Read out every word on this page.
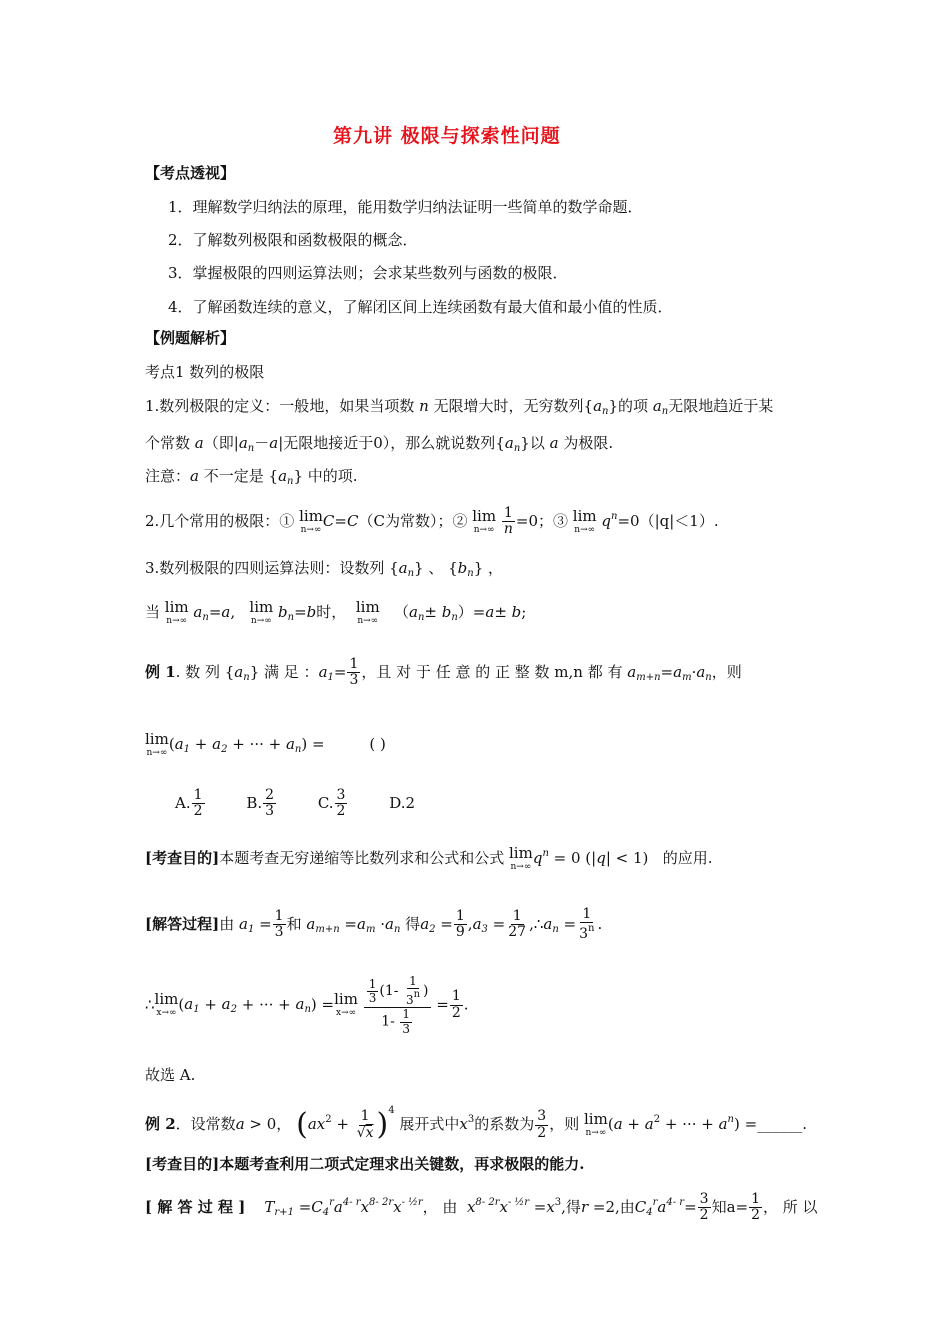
第九讲 极限与探索性问题
【考点透视】
1．理解数学归纳法的原理，能用数学归纳法证明一些简单的数学命题．
2．了解数列极限和函数极限的概念．
3．掌握极限的四则运算法则；会求某些数列与函数的极限．
4．了解函数连续的意义，了解闭区间上连续函数有最大值和最小值的性质．
【例题解析】
考点1 数列的极限
1.数列极限的定义：一般地，如果当项数 n 无限增大时，无穷数列$\{a_n\}$的项 $a_n$无限地趋近于某
个常数 a（即$|a_n-a|$无限地接近于0），那么就说数列$\{a_n\}$以 a 为极限.
注意：a 不一定是 $\{a_n\}$ 中的项.
2.几个常用的极限：① lim
n→∞ C=C（C为常数）；② lim
n→∞
$\frac{1}{n} =0$；③ lim
n→∞ $q^n=0(|q|<1)$.
3.数列极限的四则运算法则：设数列 $\{a_n\}$ 、 $\{b_n\}$ ，
当 lim
n→∞ $a_n=a$, lim
n→∞ $b_n=b$时， lim
n→∞ $(a_n\pm b_n)=a\pm b$;
例 1. 数 列 $\{a_n\}$ 满 足 ：$a_1= \frac{1}{3}$ ，且 对 于 任 意 的 正 整 数 m,n 都 有 $a_{m+n}=a_m\cdot a_n$，则
lim
n→∞ ($a_1 + a_2$ + ··· + $a_n$) =	( )
A. $\frac{1}{2}$	B. $\frac{2}{3}$	C. $\frac{3}{2}$	D.2
[考查目的]本题考查无穷递缩等比数列求和公式和公式 lim
n→∞ $q^n = 0$ (|q| < 1)   的应用.
[解答过程]由 $a_1 = \frac{1}{3}$ 和 $a_{m+n} =a_m \cdot a_n$ 得$a_2 = \frac{1}{9} ,a_3 = \frac{1}{27}$ $,\therefore a_n = \frac{1}{3^n}$ .
∴ lim
x→∞ ($a_1 + a_2$ + ··· + $a_n) = \lim$
x→∞
$\frac{\frac{1}{3} (1- \frac{1}{3^n} )}{1- \frac{1}{3}} = \frac{1}{2}$ .
故选 A.
例 2．设常数a > 0， $(ax^2 + \frac{1}{√x} )^4$ 展开式中$x^3$的系数为 $\frac{3}{2}$ ，则 lim
n→∞ ($a + a^2$ + ··· + $a^n$) =______.
[考查目的]本题考查利用二项式定理求出关键数，再求极限的能力.
[ 解 答 过 程 ] $T_{r+1} =C_4^ra^{4- r}x^{8- 2r}x^{- \frac{1}{2}r}$， 由 $x^{8- 2r}x^{- \frac{1}{2}r} =x^3$,得r =2,由$C_4^ra^{4- r}= \frac{3}{2}$ 知$a= \frac{1}{2}$ ， 所 以
